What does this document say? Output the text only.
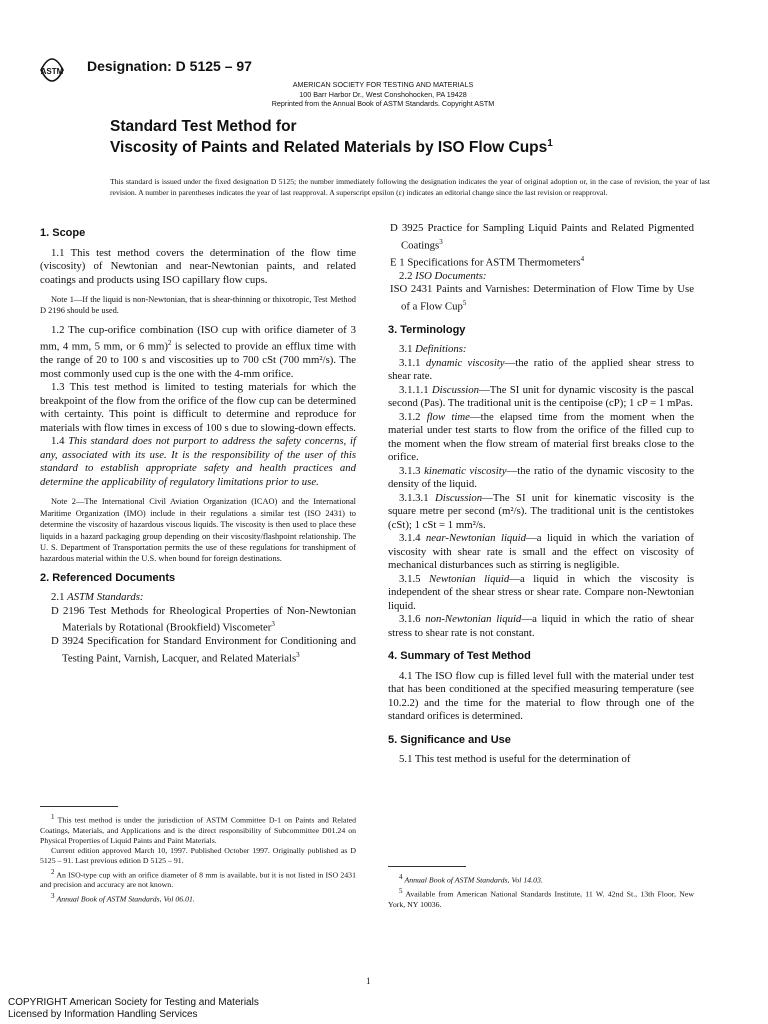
ASTM Designation: D 5125 – 97
AMERICAN SOCIETY FOR TESTING AND MATERIALS
100 Barr Harbor Dr., West Conshohocken, PA 19428
Reprinted from the Annual Book of ASTM Standards. Copyright ASTM
Standard Test Method for
Viscosity of Paints and Related Materials by ISO Flow Cups$^1$
This standard is issued under the fixed designation D 5125; the number immediately following the designation indicates the year of original adoption or, in the case of revision, the year of last revision. A number in parentheses indicates the year of last reapproval. A superscript epsilon (ε) indicates an editorial change since the last revision or reapproval.
1. Scope

1.1 This test method covers the determination of the flow time (viscosity) of Newtonian and near-Newtonian paints, and related coatings and products using ISO capillary flow cups.

Note 1—If the liquid is non-Newtonian, that is shear-thinning or thixotropic, Test Method D 2196 should be used.

1.2 The cup-orifice combination (ISO cup with orifice diameter of 3 mm, 4 mm, 5 mm, or 6 mm)$^2$ is selected to provide an efflux time with the range of 20 to 100 s and viscosities up to 700 cSt (700 mm²/s). The most commonly used cup is the one with the 4-mm orifice.

1.3 This test method is limited to testing materials for which the breakpoint of the flow from the orifice of the flow cup can be determined with certainty. This point is difficult to determine and reproduce for materials with flow times in excess of 100 s due to slowing-down effects.

1.4 This standard does not purport to address the safety concerns, if any, associated with its use. It is the responsibility of the user of this standard to establish appropriate safety and health practices and determine the applicability of regulatory limitations prior to use.

Note 2—The International Civil Aviation Organization (ICAO) and the International Maritime Organization (IMO) include in their regulations a similar test (ISO 2431) to determine the viscosity of hazardous viscous liquids. The viscosity is then used to place these liquids in a hazard packaging group depending on their viscosity/flashpoint relationship. The U. S. Department of Transportation permits the use of these regulations for transhipment of hazardous material within the U.S. when bound for foreign destinations.

2. Referenced Documents

2.1 ASTM Standards:

D 2196 Test Methods for Rheological Properties of Non-Newtonian Materials by Rotational (Brookfield) Viscometer$^3$

D 3924 Specification for Standard Environment for Conditioning and Testing Paint, Varnish, Lacquer, and Related Materials$^3$

$^1$ This test method is under the jurisdiction of ASTM Committee D-1 on Paints and Related Coatings, Materials, and Applications and is the direct responsibility of Subcommittee D01.24 on Physical Properties of Liquid Paints and Paint Materials.
Current edition approved March 10, 1997. Published October 1997. Originally published as D 5125 – 91. Last previous edition D 5125 – 91.
$^2$ An ISO-type cup with an orifice diameter of 8 mm is available, but it is not listed in ISO 2431 and precision and accuracy are not known.
$^3$ Annual Book of ASTM Standards, Vol 06.01.

D 3925 Practice for Sampling Liquid Paints and Related Pigmented Coatings$^3$

E 1 Specifications for ASTM Thermometers$^4$

2.2 ISO Documents:

ISO 2431 Paints and Varnishes: Determination of Flow Time by Use of a Flow Cup$^5$

3. Terminology

3.1 Definitions:

3.1.1 dynamic viscosity—the ratio of the applied shear stress to shear rate.

3.1.1.1 Discussion—The SI unit for dynamic viscosity is the pascal second (Pas). The traditional unit is the centipoise (cP); 1 cP = 1 mPas.

3.1.2 flow time—the elapsed time from the moment when the material under test starts to flow from the orifice of the filled cup to the moment when the flow stream of material first breaks close to the orifice.

3.1.3 kinematic viscosity—the ratio of the dynamic viscosity to the density of the liquid.

3.1.3.1 Discussion—The SI unit for kinematic viscosity is the square metre per second (m²/s). The traditional unit is the centistokes (cSt); 1 cSt = 1 mm²/s.

3.1.4 near-Newtonian liquid—a liquid in which the variation of viscosity with shear rate is small and the effect on viscosity of mechanical disturbances such as stirring is negligible.

3.1.5 Newtonian liquid—a liquid in which the viscosity is independent of the shear stress or shear rate. Compare non-Newtonian liquid.

3.1.6 non-Newtonian liquid—a liquid in which the ratio of shear stress to shear rate is not constant.

4. Summary of Test Method

4.1 The ISO flow cup is filled level full with the material under test that has been conditioned at the specified measuring temperature (see 10.2.2) and the time for the material to flow through one of the standard orifices is determined.

5. Significance and Use

5.1 This test method is useful for the determination of

$^4$ Annual Book of ASTM Standards, Vol 14.03.
$^5$ Available from American National Standards Institute, 11 W. 42nd St., 13th Floor, New York, NY 10036.
1
COPYRIGHT American Society for Testing and Materials
Licensed by Information Handling Services
